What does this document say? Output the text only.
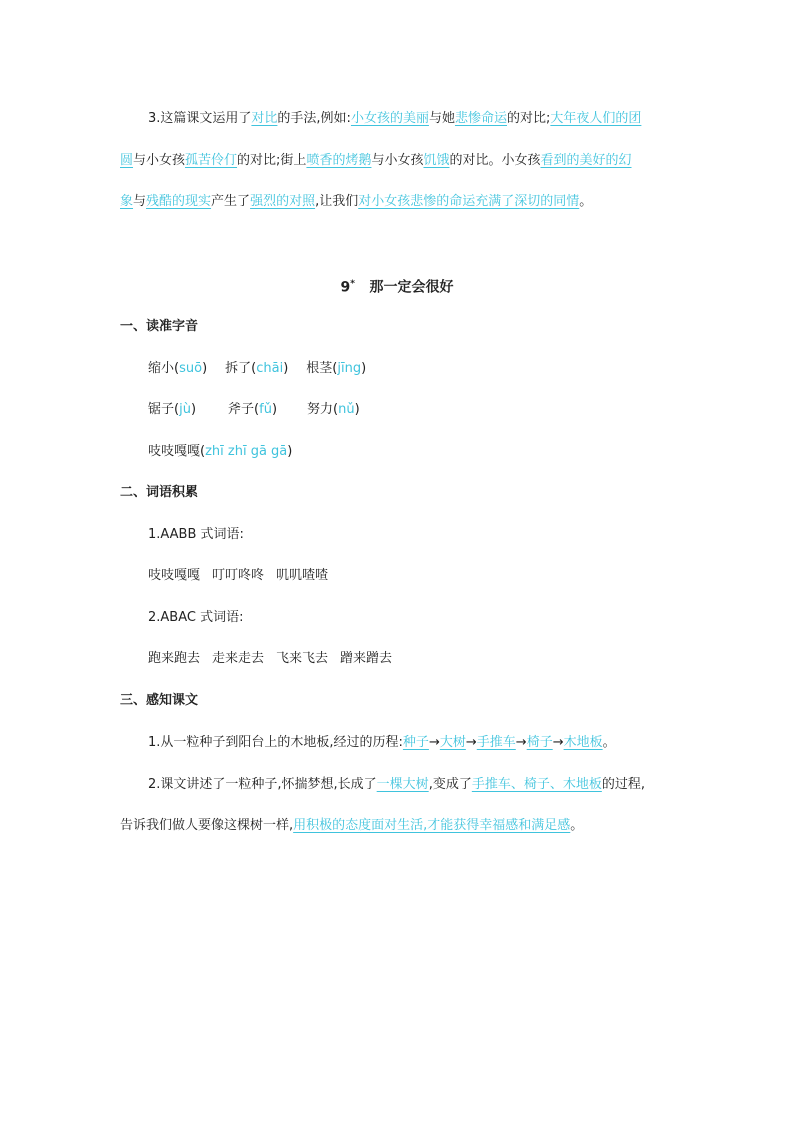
3.这篇课文运用了对比的手法,例如:小女孩的美丽与她悲惨命运的对比;大年夜人们的团
圆与小女孩孤苦伶仃的对比;街上喷香的烤鹅与小女孩饥饿的对比。小女孩看到的美好的幻
象与残酷的现实产生了强烈的对照,让我们对小女孩悲惨的命运充满了深切的同情。
9* 那一定会很好
一、读准字音
缩小(suō) 拆了(chāi) 根茎(jīng)
锯子(jù) 斧子(fǔ) 努力(nǔ)
吱吱嘎嘎(zhī zhī gā gā)
二、词语积累
1.AABB 式词语:
吱吱嘎嘎 叮叮咚咚 叽叽喳喳
2.ABAC 式词语:
跑来跑去 走来走去 飞来飞去 蹭来蹭去
三、感知课文
1.从一粒种子到阳台上的木地板,经过的历程:种子→大树→手推车→椅子→木地板。
2.课文讲述了一粒种子,怀揣梦想,长成了一棵大树,变成了手推车、椅子、木地板的过程,
告诉我们做人要像这棵树一样,用积极的态度面对生活,才能获得幸福感和满足感。
